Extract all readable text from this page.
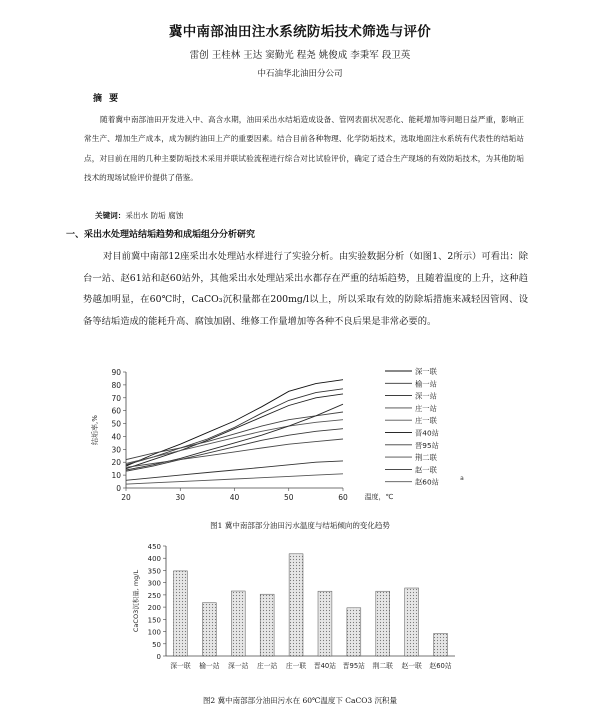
冀中南部油田注水系统防垢技术筛选与评价
雷创 王桂林 王达 窦勤光 程尧 姚俊成 李秉军 段卫英
中石油华北油田分公司
摘 要
随着冀中南部油田开发进入中、高含水期，油田采出水结垢造成设备、管网表面状况恶化、能耗增加等问题日益严重，影响正常生产、增加生产成本，成为制约油田上产的重要因素。结合目前各种物理、化学防垢技术，选取地面注水系统有代表性的结垢站点，对目前在用的几种主要防垢技术采用并联试验流程进行综合对比试验评价，确定了适合生产现场的有效防垢技术，为其他防垢技术的现场试验评价提供了借鉴。
关键词：采出水 防垢 腐蚀
一、采出水处理站结垢趋势和成垢组分分析研究
对目前冀中南部12座采出水处理站水样进行了实验分析。由实验数据分析（如图1、2所示）可看出：除台一站、赵61站和赵60站外，其他采出水处理站采出水都存在严重的结垢趋势，且随着温度的上升，这种趋势越加明显，在60℃时，CaCO₃沉积量都在200mg/l以上，所以采取有效的防除垢措施来减轻因管网、设备等结垢造成的能耗升高、腐蚀加剧、维修工作量增加等各种不良后果是非常必要的。
0
10
20
30
40
50
60
70
80
90
20	30	40	50	60
结垢率,%
温度，℃
a
深一联
榆一站
深一站
庄一站
庄一联
晋40站
晋95站
荆二联
赵一联
赵60站
图1 冀中南部部分油田污水温度与结垢倾向的变化趋势
0
50
100
150
200
250
300
350
400
450
CaCO3沉积量, mg/L
深一联 榆一站 深一站 庄一站 庄一联 晋40站 晋95站 荆二联 赵一联 赵60站
图2 冀中南部部分油田污水在 60℃温度下 CaCO3 沉积量
